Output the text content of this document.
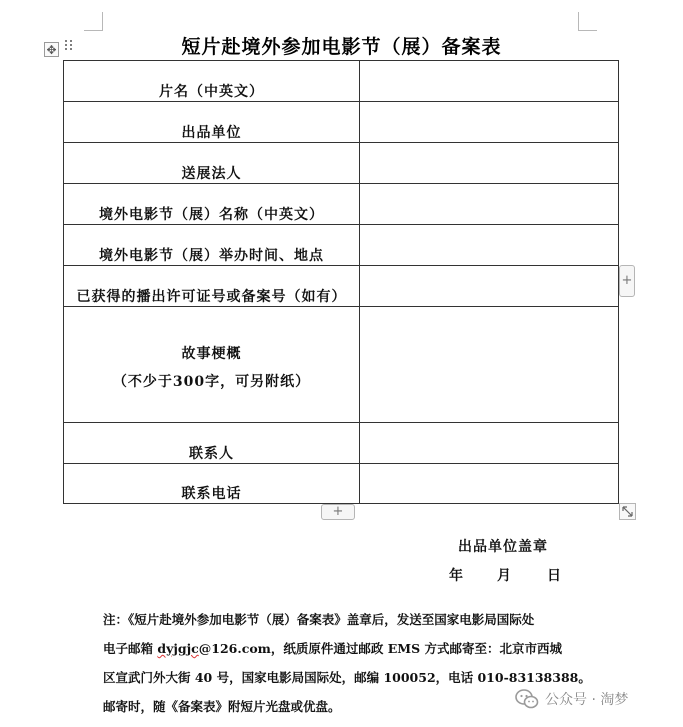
✥	短片赴境外参加电影节（展）备案表
片名（中英文）	
出品单位	
送展法人	
境外电影节（展）名称（中英文）	
境外电影节（展）举办时间、地点	
已获得的播出许可证号或备案号（如有）	

故事梗概
（不少于300字，可另附纸）	

联系人	
联系电话	
+
+
出品单位盖章
年 月	日
注：《短片赴境外参加电影节（展）备案表》盖章后，发送至国家电影局国际处
电子邮箱 dyjgjc@126.com，纸质原件通过邮政 EMS 方式邮寄至：北京市西城
区宣武门外大街 40 号，国家电影局国际处，邮编 100052，电话 010-83138388。
邮寄时，随《备案表》附短片光盘或优盘。	公众号 · 淘梦
